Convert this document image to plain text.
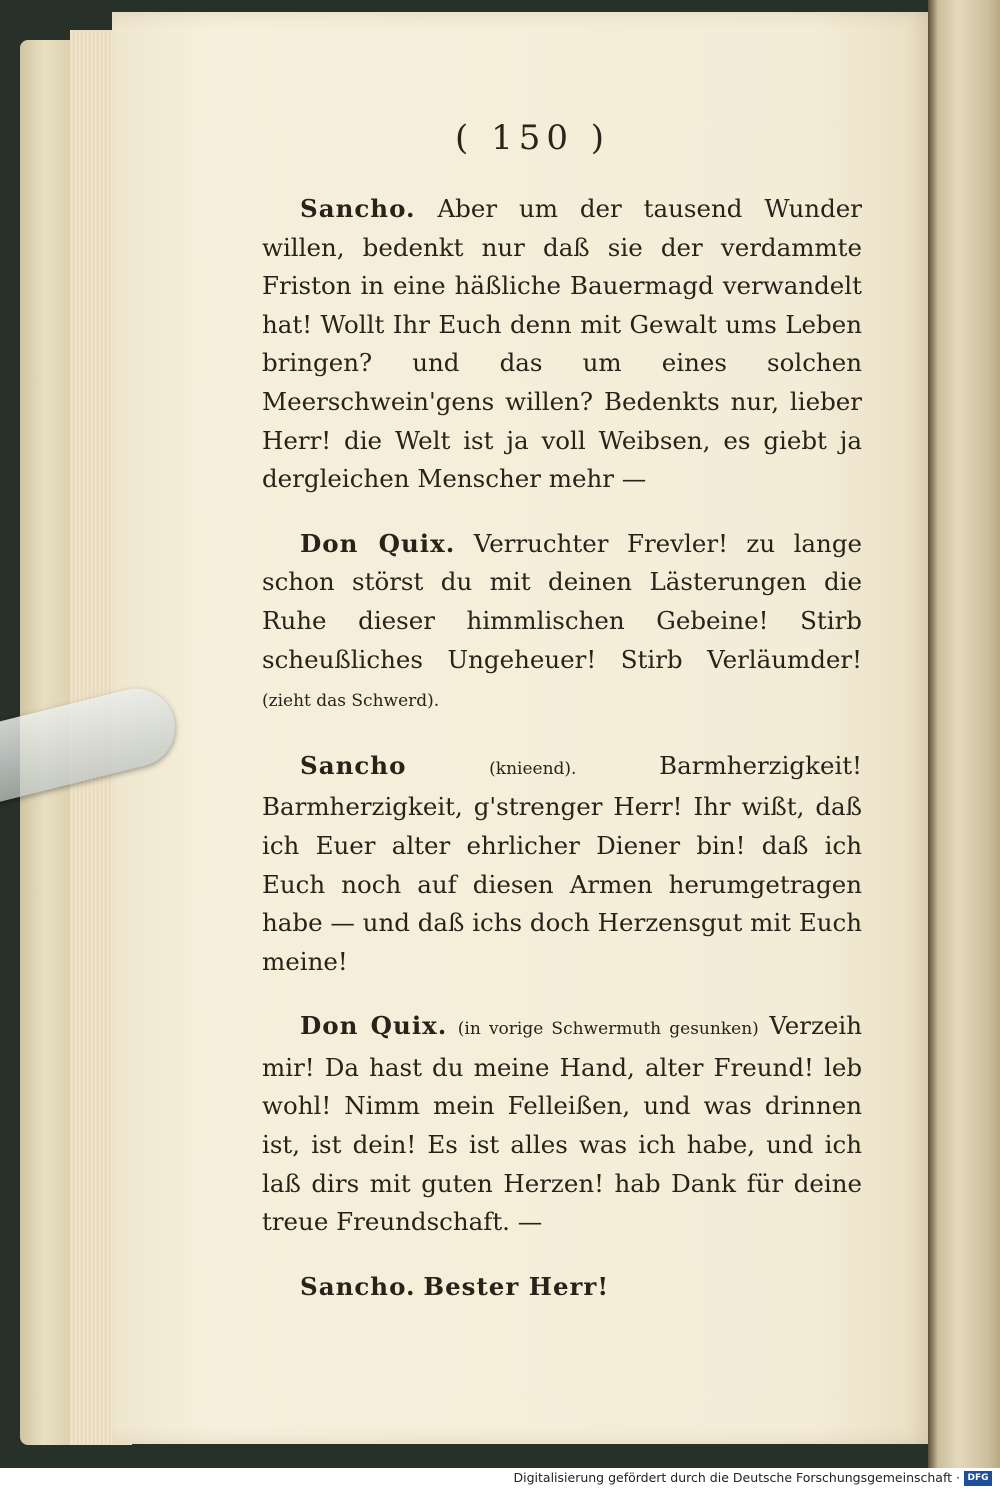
( 150 )

Sancho. Aber um der tausend Wunder willen, bedenkt nur daß sie der verdammte Friston in eine häßliche Bauermagd verwandelt hat! Wollt Ihr Euch denn mit Gewalt ums Leben bringen? und das um eines solchen Meerschwein'gens willen? Bedenkts nur, lieber Herr! die Welt ist ja voll Weibsen, es giebt ja dergleichen Menscher mehr —

Don Quix. Verruchter Frevler! zu lange schon störst du mit deinen Lästerungen die Ruhe dieser himmlischen Gebeine! Stirb scheußliches Ungeheuer! Stirb Verläumder! (zieht das Schwerd).

Sancho	(knieend).	Barmherzigkeit! Barmherzigkeit, g'strenger Herr! Ihr wißt, daß ich Euer alter ehrlicher Diener bin! daß ich Euch noch auf diesen Armen herumgetragen habe — und daß ichs doch Herzensgut mit Euch meine!

Don Quix. (in vorige Schwermuth gesunken) Verzeih mir! Da hast du meine Hand, alter Freund! leb wohl! Nimm mein Felleißen, und was drinnen ist, ist dein! Es ist alles was ich habe, und ich laß dirs mit guten Herzen! hab Dank für deine treue Freundschaft. —

Sancho. Bester Herr!

Digitalisierung gefördert durch die Deutsche Forschungsgemeinschaft · DFG
